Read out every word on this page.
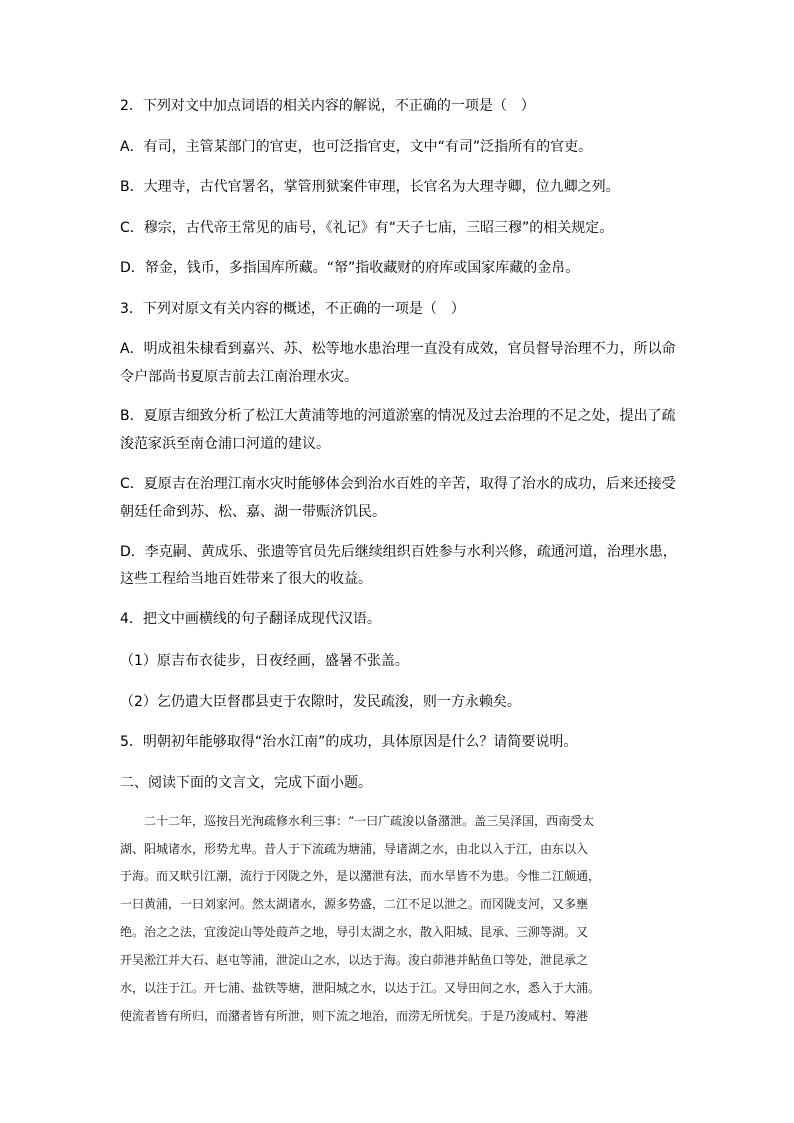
2．下列对文中加点词语的相关内容的解说，不正确的一项是（　）
A．有司，主管某部门的官吏，也可泛指官吏，文中“有司”泛指所有的官吏。
B．大理寺，古代官署名，掌管刑狱案件审理，长官名为大理寺卿，位九卿之列。
C．穆宗，古代帝王常见的庙号，《礼记》有“天子七庙，三昭三穆”的相关规定。
D．帑金，钱币，多指国库所藏。“帑”指收藏财的府库或国家库藏的金帛。
3．下列对原文有关内容的概述，不正确的一项是（　）
A．明成祖朱棣看到嘉兴、苏、松等地水患治理一直没有成效，官员督导治理不力，所以命
令户部尚书夏原吉前去江南治理水灾。
B．夏原吉细致分析了松江大黄浦等地的河道淤塞的情况及过去治理的不足之处，提出了疏
浚范家浜至南仓浦口河道的建议。
C．夏原吉在治理江南水灾时能够体会到治水百姓的辛苦，取得了治水的成功，后来还接受
朝廷任命到苏、松、嘉、湖一带赈济饥民。
D．李克嗣、黄成乐、张遗等官员先后继续组织百姓参与水利兴修，疏通河道，治理水患，
这些工程给当地百姓带来了很大的收益。
4．把文中画横线的句子翻译成现代汉语。
（1）原吉布衣徒步，日夜经画，盛暑不张盖。
（2）乞仍遣大臣督郡县吏于农隙时，发民疏浚，则一方永赖矣。
5．明朝初年能够取得“治水江南”的成功，具体原因是什么？请简要说明。
二、阅读下面的文言文，完成下面小题。
　　二十二年，巡按吕光洵疏修水利三事：“一曰广疏浚以备潴泄。盖三吴泽国，西南受太
湖、阳城诸水，形势尤卑。昔人于下流疏为塘浦，导诸湖之水，由北以入于江，由东以入
于海。而又畎引江潮，流行于冈陇之外，是以潴泄有法，而水旱皆不为患。今惟二江颇通，
一曰黄浦，一曰刘家河。然太湖诸水，源多势盛，二江不足以泄之。而冈陇支河，又多壅
绝。治之之法，宜浚淀山等处葭芦之地，导引太湖之水，散入阳城、昆承、三泖等湖。又
开吴淞江并大石、赵屯等浦，泄淀山之水，以达于海。浚白茆港并鲇鱼口等处，泄昆承之
水，以注于江。开七浦、盐铁等塘，泄阳城之水，以达于江。又导田间之水，悉入于大浦。
使流者皆有所归，而潴者皆有所泄，则下流之地治，而涝无所忧矣。于是乃浚咸村、筹港
